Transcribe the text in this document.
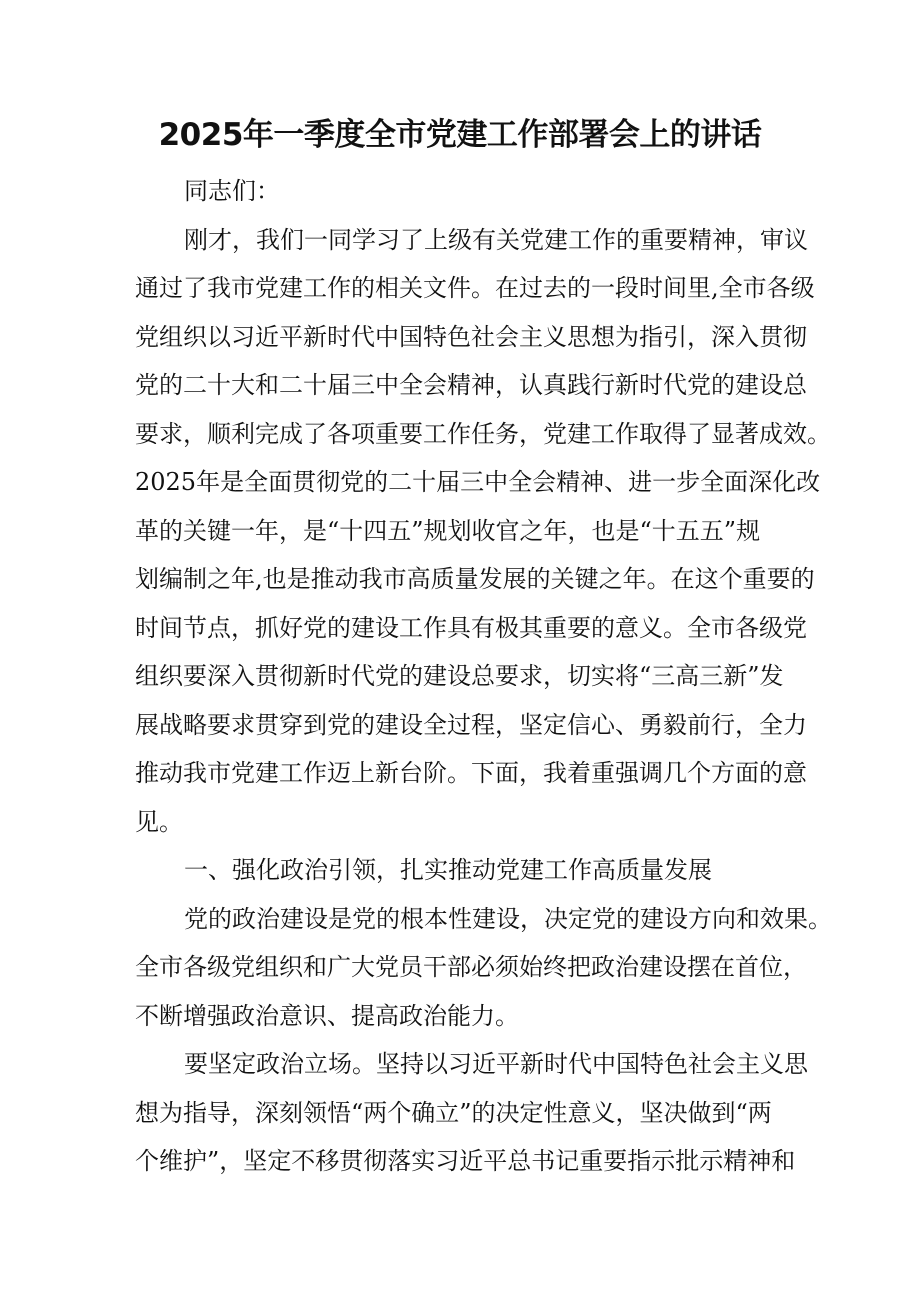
2025年一季度全市党建工作部署会上的讲话
同志们：
刚才，我们一同学习了上级有关党建工作的重要精神，审议
通过了我市党建工作的相关文件。在过去的一段时间里,全市各级
党组织以习近平新时代中国特色社会主义思想为指引，深入贯彻
党的二十大和二十届三中全会精神，认真践行新时代党的建设总
要求，顺利完成了各项重要工作任务，党建工作取得了显著成效。
2025年是全面贯彻党的二十届三中全会精神、进一步全面深化改
革的关键一年，是“十四五”规划收官之年，也是“十五五”规
划编制之年,也是推动我市高质量发展的关键之年。在这个重要的
时间节点，抓好党的建设工作具有极其重要的意义。全市各级党
组织要深入贯彻新时代党的建设总要求，切实将“三高三新”发
展战略要求贯穿到党的建设全过程，坚定信心、勇毅前行，全力
推动我市党建工作迈上新台阶。下面，我着重强调几个方面的意
见。
一、强化政治引领，扎实推动党建工作高质量发展
党的政治建设是党的根本性建设，决定党的建设方向和效果。
全市各级党组织和广大党员干部必须始终把政治建设摆在首位，
不断增强政治意识、提高政治能力。
要坚定政治立场。坚持以习近平新时代中国特色社会主义思
想为指导，深刻领悟“两个确立”的决定性意义，坚决做到“两
个维护”，坚定不移贯彻落实习近平总书记重要指示批示精神和
